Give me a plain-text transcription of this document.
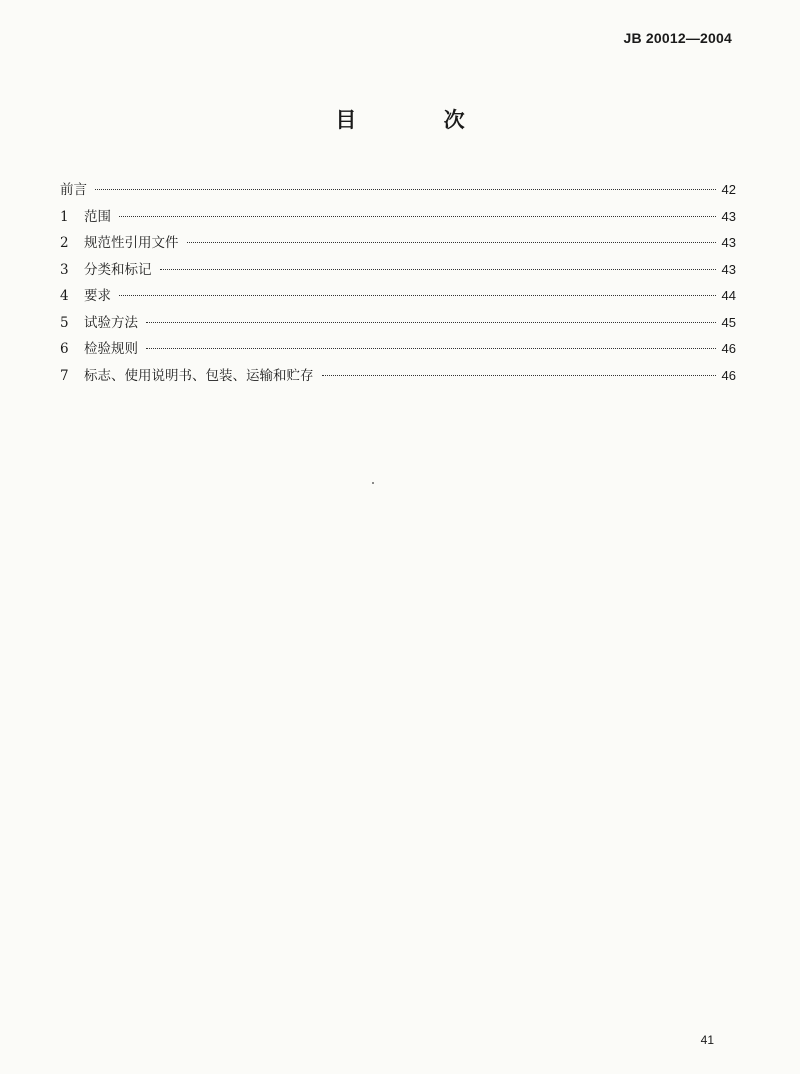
JB 20012—2004
目 次
前言	42
1	范围	43
2	规范性引用文件	43
3	分类和标记	43
4	要求	44
5	试验方法	45
6	检验规则	46
7	标志、使用说明书、包装、运输和贮存	46
41
